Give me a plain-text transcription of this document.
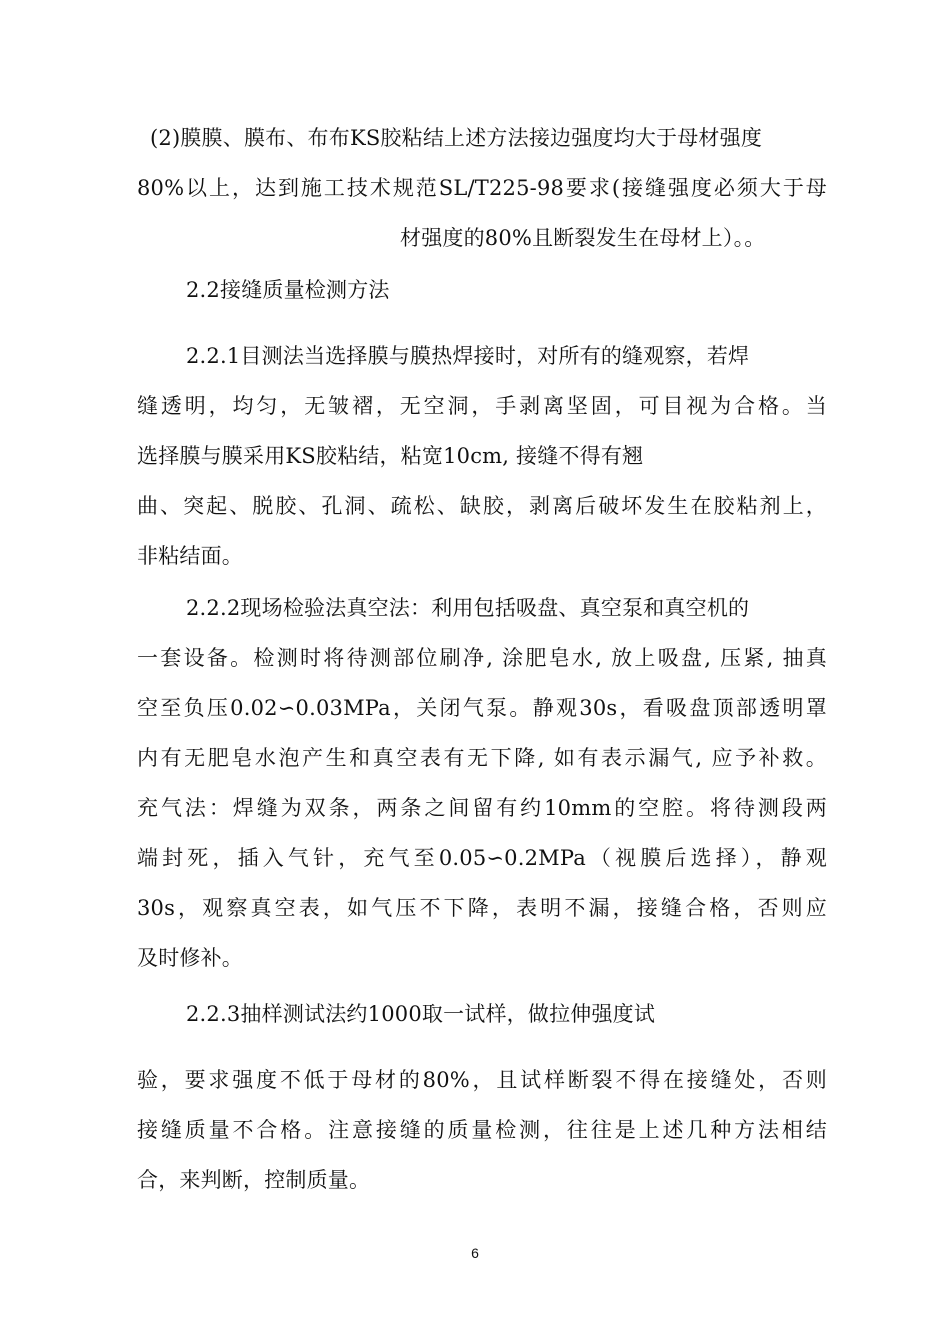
(2)膜膜、膜布、布布KS胶粘结上述方法接边强度均大于母材强度
80%以上，达到施工技术规范SL/T225-98要求(接缝强度必须大于母
材强度的80%且断裂发生在母材上）。。
2.2接缝质量检测方法
2.2.1目测法当选择膜与膜热焊接时，对所有的缝观察，若焊
缝透明，均匀，无皱褶，无空洞，手剥离坚固，可目视为合格。当
选择膜与膜采用KS胶粘结，粘宽10cm, 接缝不得有翘
曲、突起、脱胶、孔洞、疏松、缺胶，剥离后破坏发生在胶粘剂上，
非粘结面。
2.2.2现场检验法真空法：利用包括吸盘、真空泵和真空机的
一套设备。检测时将待测部位刷净, 涂肥皂水, 放上吸盘, 压紧, 抽真
空至负压0.02∽0.03MPa，关闭气泵。静观30s，看吸盘顶部透明罩
内有无肥皂水泡产生和真空表有无下降, 如有表示漏气, 应予补救。
充气法：焊缝为双条，两条之间留有约10mm的空腔。将待测段两
端封死，插入气针，充气至0.05∽0.2MPa（视膜后选择），静观
30s，观察真空表，如气压不下降，表明不漏，接缝合格，否则应
及时修补。
2.2.3抽样测试法约1000取一试样，做拉伸强度试
验，要求强度不低于母材的80%，且试样断裂不得在接缝处，否则
接缝质量不合格。注意接缝的质量检测，往往是上述几种方法相结
合，来判断，控制质量。
6
